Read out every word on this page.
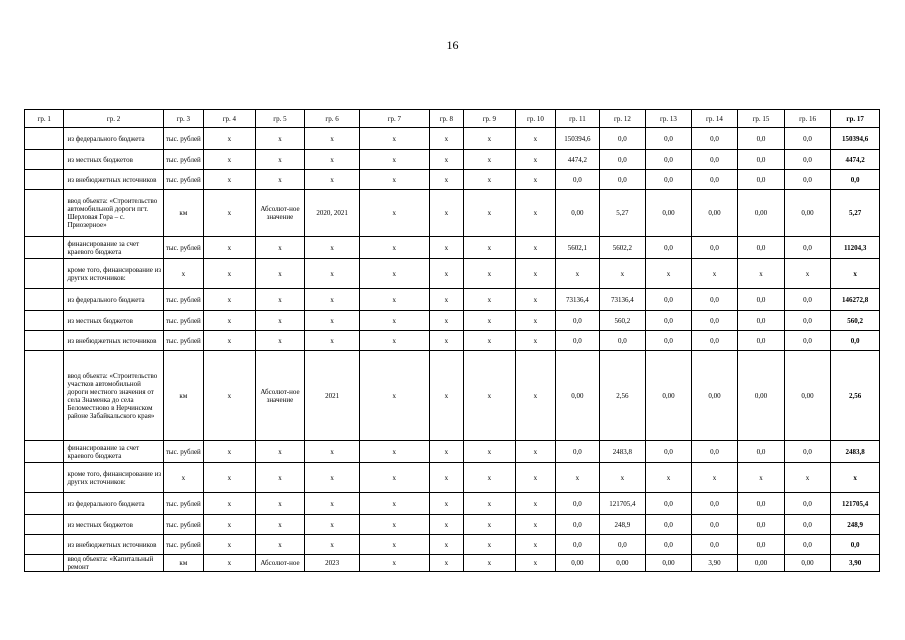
16
гр. 1	гр. 2	гр. 3	гр. 4	гр. 5	гр. 6	гр. 7	гр. 8	гр. 9	гр. 10	гр. 11	гр. 12	гр. 13	гр. 14	гр. 15	гр. 16	гр. 17
	из федерального бюджета	тыс. рублей	х	х	х	х	х	х	х	150394,6	0,0	0,0	0,0	0,0	0,0	150394,6
	из местных бюджетов	тыс. рублей	х	х	х	х	х	х	х	4474,2	0,0	0,0	0,0	0,0	0,0	4474,2
	из внебюджетных источников	тыс. рублей	х	х	х	х	х	х	х	0,0	0,0	0,0	0,0	0,0	0,0	0,0
	ввод объекта: «Строительство автомобильной дороги пгт. Шерловая Гора – с. Приозерное»	км	х	Абсолют-ное значение	2020, 2021	х	х	х	х	0,00	5,27	0,00	0,00	0,00	0,00	5,27
	финансирование за счет краевого бюджета	тыс. рублей	х	х	х	х	х	х	х	5602,1	5602,2	0,0	0,0	0,0	0,0	11204,3
	кроме того, финансирование из других источников:	х	х	х	х	х	х	х	х	х	х	х	х	х	х	х
	из федерального бюджета	тыс. рублей	х	х	х	х	х	х	х	73136,4	73136,4	0,0	0,0	0,0	0,0	146272,8
	из местных бюджетов	тыс. рублей	х	х	х	х	х	х	х	0,0	560,2	0,0	0,0	0,0	0,0	560,2
	из внебюджетных источников	тыс. рублей	х	х	х	х	х	х	х	0,0	0,0	0,0	0,0	0,0	0,0	0,0
	ввод объекта: «Строительство участков автомобильной дороги местного значения от села Знаменка до села Беломестново в Нерчинском районе Забайкальского края»	км	х	Абсолют-ное значение	2021	х	х	х	х	0,00	2,56	0,00	0,00	0,00	0,00	2,56
	финансирование за счет краевого бюджета	тыс. рублей	х	х	х	х	х	х	х	0,0	2483,8	0,0	0,0	0,0	0,0	2483,8
	кроме того, финансирование из других источников:	х	х	х	х	х	х	х	х	х	х	х	х	х	х	х
	из федерального бюджета	тыс. рублей	х	х	х	х	х	х	х	0,0	121705,4	0,0	0,0	0,0	0,0	121705,4
	из местных бюджетов	тыс. рублей	х	х	х	х	х	х	х	0,0	248,9	0,0	0,0	0,0	0,0	248,9
	из внебюджетных источников	тыс. рублей	х	х	х	х	х	х	х	0,0	0,0	0,0	0,0	0,0	0,0	0,0
	ввод объекта: «Капитальный ремонт	км	х	Абсолют-ное	2023	х	х	х	х	0,00	0,00	0,00	3,90	0,00	0,00	3,90
